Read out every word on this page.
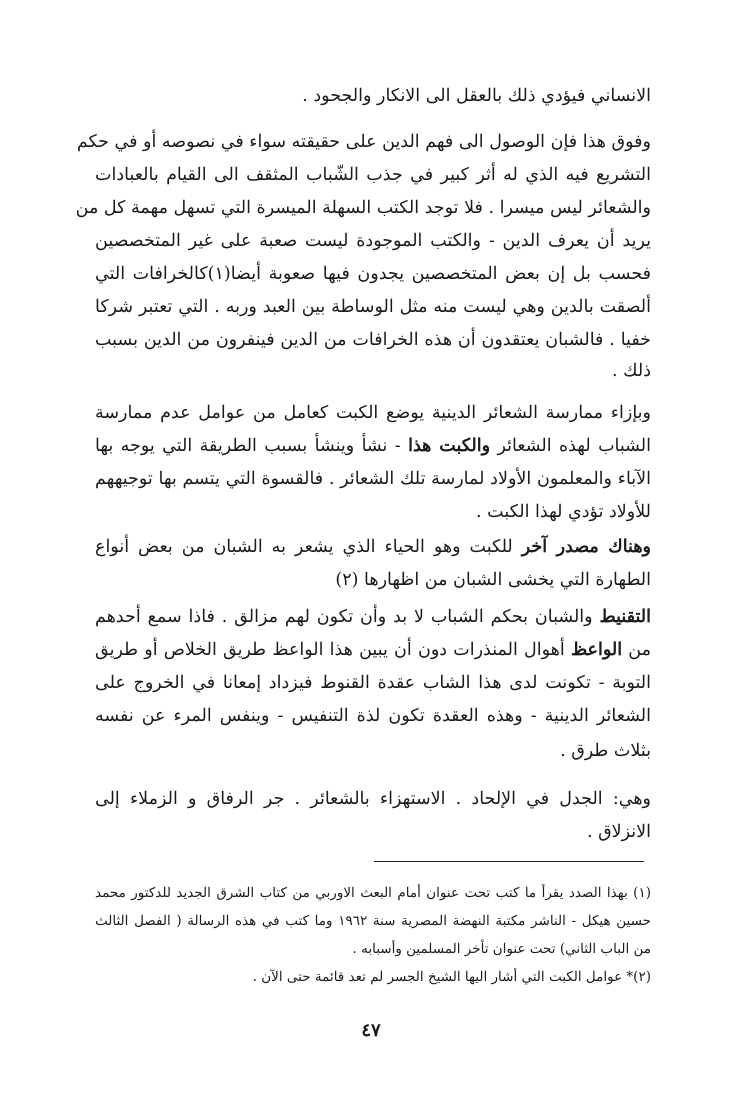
الانساني فيؤدي ذلك بالعقل الى الانكار والجحود .
وفوق هذا فإن الوصول الى فهم الدين على حقيقته سواء في نصوصه أو في حكم
التشريع فيه الذي له أثر كبير في جذب الشّباب المثقف الى القيام بالعبادات
والشعائر ليس ميسرا . فلا توجد الكتب السهلة الميسرة التي تسهل مهمة كل من
يريد أن يعرف الدين - والكتب الموجودة ليست صعبة على غير المتخصصين
فحسب بل إن بعض المتخصصين يجدون فيها صعوبة أيضا(١)كالخرافات التي
ألصقت بالدين وهي ليست منه مثل الوساطة بين العبد وربه . التي تعتبر شركا
خفيا . فالشبان يعتقدون أن هذه الخرافات من الدين فينفرون من الدين بسبب
ذلك .
وبإزاء ممارسة الشعائر الدينية يوضع الكبت كعامل من عوامل عدم ممارسة
الشباب لهذه الشعائر والكبت هذا - نشأ وينشأ بسبب الطريقة التي يوجه بها
الآباء والمعلمون الأولاد لمارسة تلك الشعائر . فالقسوة التي يتسم بها توجيههم
للأولاد تؤدي لهذا الكبت .
وهناك مصدر آخر للكبت وهو الحياء الذي يشعر به الشبان من بعض أنواع
الطهارة التي يخشى الشبان من اظهارها (٢)
التقنيط والشبان بحكم الشباب لا بد وأن تكون لهم مزالق . فاذا سمع أحدهم
من الواعظ أهوال المنذرات دون أن يبين هذا الواعظ طريق الخلاص أو طريق
التوبة - تكونت لدى هذا الشاب عقدة القنوط فيزداد إمعانا في الخروج على
الشعائر الدينية - وهذه العقدة تكون لذة التنفيس - وينفس المرء عن نفسه
بثلاث طرق .
وهي: الجدل في الإلحاد . الاستهزاء بالشعائر . جر الرفاق و الزملاء إلى
الانزلاق .
(١) بهذا الصدد يقرأ ما كتب تحت عنوان أمام البعث الاوربي من كتاب الشرق الجديد للدكتور محمد
حسين هيكل - الناشر مكتبة النهضة المصرية سنة ١٩٦٢ وما كتب في هذه الرسالة ( الفصل الثالث
من الباب الثاني) تحت عنوان تأخر المسلمين وأسبابه .
(٢)* عوامل الكبت التي أشار اليها الشيخ الجسر لم تعد قائمة حتى الآن .
٤٧
